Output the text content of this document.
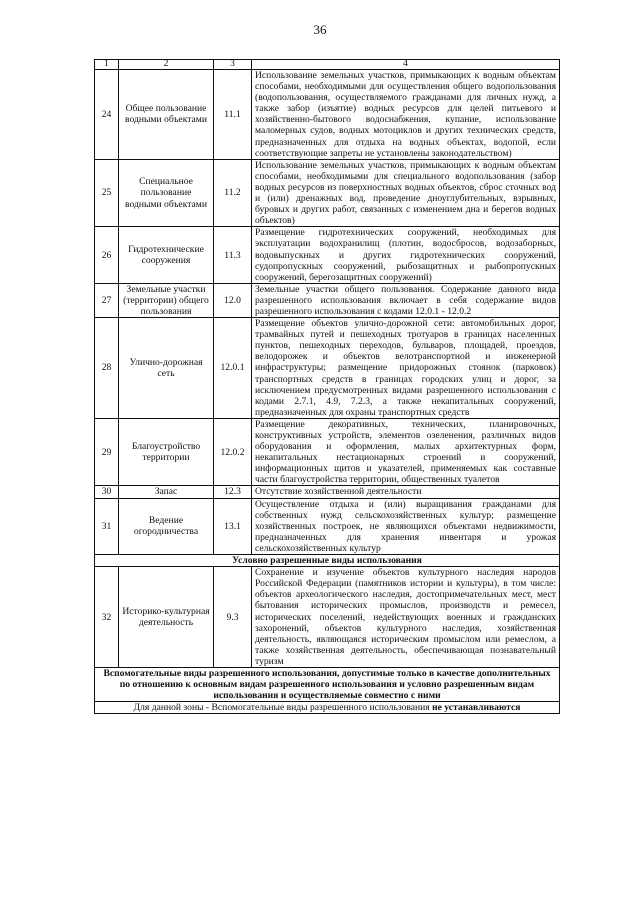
36
1	2	3	4
24	Общее пользование водными объектами	11.1	Использование земельных участков, примыкающих к водным объектам способами, необходимыми для осуществления общего водопользования (водопользования, осуществляемого гражданами для личных нужд, а также забор (изъятие) водных ресурсов для целей питьевого и хозяйственно-бытового водоснабжения, купание, использование маломерных судов, водных мотоциклов и других технических средств, предназначенных для отдыха на водных объектах, водопой, если соответствующие запреты не установлены законодательством)
25	Специальное пользование водными объектами	11.2	Использование земельных участков, примыкающих к водным объектам способами, необходимыми для специального водопользования (забор водных ресурсов из поверхностных водных объектов, сброс сточных вод и (или) дренажных вод, проведение дноуглубительных, взрывных, буровых и других работ, связанных с изменением дна и берегов водных объектов)
26	Гидротехнические сооружения	11.3	Размещение гидротехнических сооружений, необходимых для эксплуатации водохранилищ (плотин, водосбросов, водозаборных, водовыпускных и других гидротехнических сооружений, судопропускных сооружений, рыбозащитных и рыбопропускных сооружений, берегозащитных сооружений)
27	Земельные участки (территории) общего пользования	12.0	Земельные участки общего пользования. Содержание данного вида разрешенного использования включает в себя содержание видов разрешенного использования с кодами 12.0.1 - 12.0.2
28	Улично-дорожная сеть	12.0.1	Размещение объектов улично-дорожной сети: автомобильных дорог, трамвайных путей и пешеходных тротуаров в границах населенных пунктов, пешеходных переходов, бульваров, площадей, проездов, велодорожек и объектов велотранспортной и инженерной инфраструктуры; размещение придорожных стоянок (парковок) транспортных средств в границах городских улиц и дорог, за исключением предусмотренных видами разрешенного использования с кодами 2.7.1, 4.9, 7.2.3, а также некапитальных сооружений, предназначенных для охраны транспортных средств
29	Благоустройство территории	12.0.2	Размещение декоративных, технических, планировочных, конструктивных устройств, элементов озеленения, различных видов оборудования и оформления, малых архитектурных форм, некапитальных нестационарных строений и сооружений, информационных щитов и указателей, применяемых как составные части благоустройства территории, общественных туалетов
30	Запас	12.3	Отсутствие хозяйственной деятельности
31	Ведение огородничества	13.1	Осуществление отдыха и (или) выращивания гражданами для собственных нужд сельскохозяйственных культур; размещение хозяйственных построек, не являющихся объектами недвижимости, предназначенных для хранения инвентаря и урожая сельскохозяйственных культур
Условно разрешенные виды использования			
32	Историко-культурная деятельность	9.3	Сохранение и изучение объектов культурного наследия народов Российской Федерации (памятников истории и культуры), в том числе: объектов археологического наследия, достопримечательных мест, мест бытования исторических промыслов, производств и ремесел, исторических поселений, недействующих военных и гражданских захоронений, объектов культурного наследия, хозяйственная деятельность, являющаяся историческим промыслом или ремеслом, а также хозяйственная деятельность, обеспечивающая познавательный туризм
Вспомогательные виды разрешенного использования, допустимые только в качестве дополнительных по отношению к основным видам разрешенного использования и условно разрешенным видам использования и осуществляемые совместно с ними			
Для данной зоны - Вспомогательные виды разрешенного использования не устанавливаются			
